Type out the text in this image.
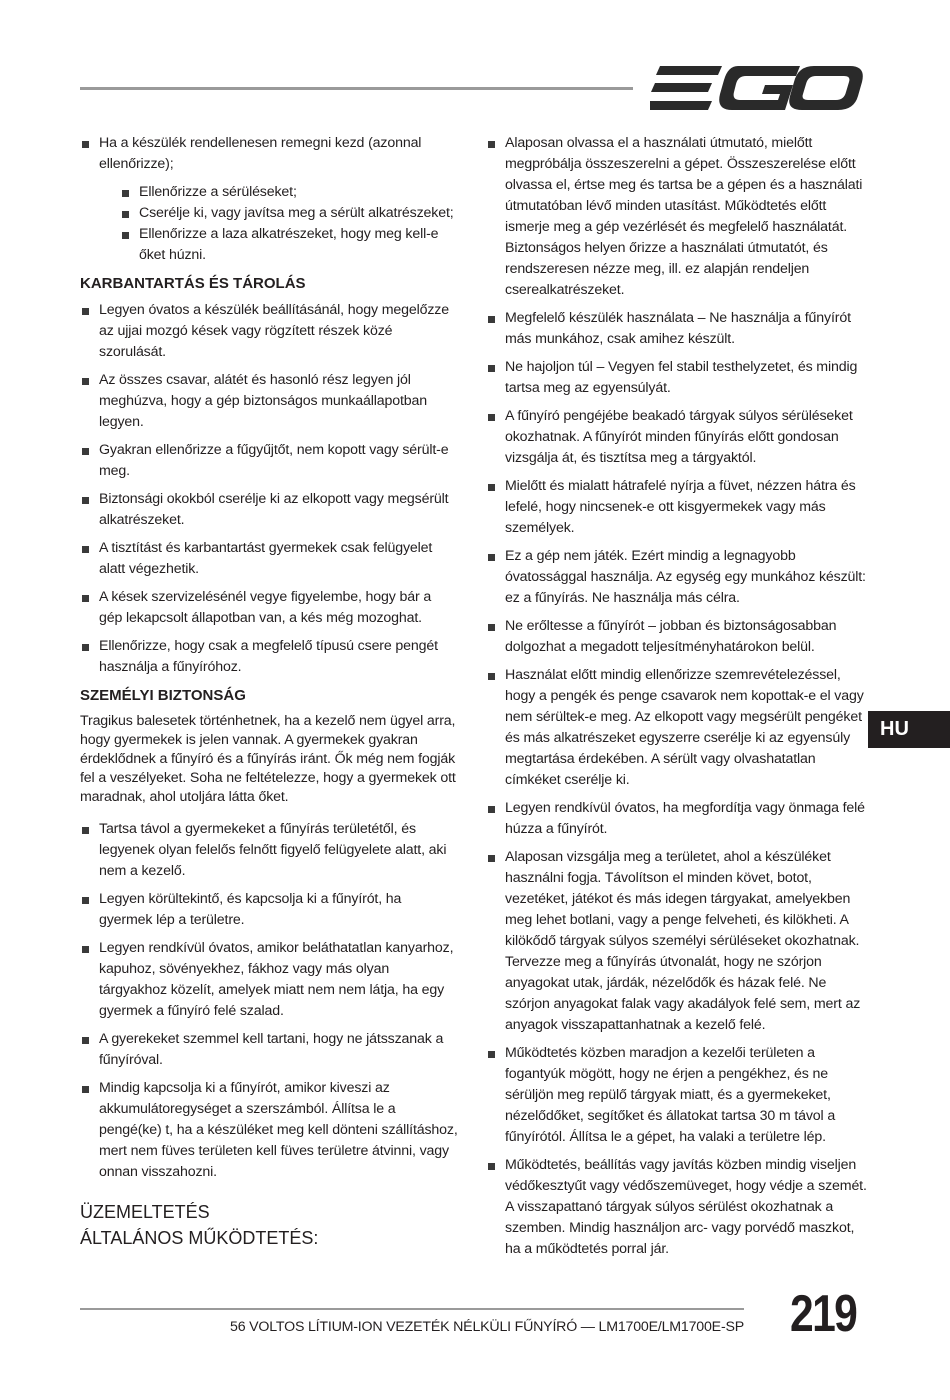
Ha a készülék rendellenesen remegni kezd (azonnal ellenőrizze);
Ellenőrizze a sérüléseket;
Cserélje ki, vagy javítsa meg a sérült alkatrészeket;
Ellenőrizze a laza alkatrészeket, hogy meg kell-e őket húzni.
KARBANTARTÁS ÉS TÁROLÁS
Legyen óvatos a készülék beállításánál, hogy megelőzze az ujjai mozgó kések vagy rögzített részek közé szorulását.
Az összes csavar, alátét és hasonló rész legyen jól meghúzva, hogy a gép biztonságos munkaállapotban legyen.
Gyakran ellenőrizze a fűgyűjtőt, nem kopott vagy sérült-e meg.
Biztonsági okokból cserélje ki az elkopott vagy megsérült alkatrészeket.
A tisztítást és karbantartást gyermekek csak felügyelet alatt végezhetik.
A kések szervizelésénél vegye figyelembe, hogy bár a gép lekapcsolt állapotban van, a kés még mozoghat.
Ellenőrizze, hogy csak a megfelelő típusú csere pengét használja a fűnyíróhoz.
SZEMÉLYI BIZTONSÁG
Tragikus balesetek történhetnek, ha a kezelő nem ügyel arra, hogy gyermekek is jelen vannak. A gyermekek gyakran érdeklődnek a fűnyíró és a fűnyírás iránt. Ők még nem fogják fel a veszélyeket. Soha ne feltételezze, hogy a gyermekek ott maradnak, ahol utoljára látta őket.
Tartsa távol a gyermekeket a fűnyírás területétől, és legyenek olyan felelős felnőtt figyelő felügyelete alatt, aki nem a kezelő.
Legyen körültekintő, és kapcsolja ki a fűnyírót, ha gyermek lép a területre.
Legyen rendkívül óvatos, amikor beláthatatlan kanyarhoz, kapuhoz, sövényekhez, fákhoz vagy más olyan tárgyakhoz közelít, amelyek miatt nem nem látja, ha egy gyermek a fűnyíró felé szalad.
A gyerekeket szemmel kell tartani, hogy ne játsszanak a fűnyíróval.
Mindig kapcsolja ki a fűnyírót, amikor kiveszi az akkumulátoregységet a szerszámból. Állítsa le a pengé(ke) t, ha a készüléket meg kell dönteni szállításhoz, mert nem füves területen kell füves területre átvinni, vagy onnan visszahozni.
ÜZEMELTETÉS
ÁLTALÁNOS MŰKÖDTETÉS:
Alaposan olvassa el a használati útmutató, mielőtt megpróbálja összeszerelni a gépet. Összeszerelése előtt olvassa el, értse meg és tartsa be a gépen és a használati útmutatóban lévő minden utasítást. Működtetés előtt ismerje meg a gép vezérlését és megfelelő használatát. Biztonságos helyen őrizze a használati útmutatót, és rendszeresen nézze meg, ill. ez alapján rendeljen cserealkatrészeket.
Megfelelő készülék használata – Ne használja a fűnyírót más munkához, csak amihez készült.
Ne hajoljon túl – Vegyen fel stabil testhelyzetet, és mindig tartsa meg az egyensúlyát.
A fűnyíró pengéjébe beakadó tárgyak súlyos sérüléseket okozhatnak. A fűnyírót minden fűnyírás előtt gondosan vizsgálja át, és tisztítsa meg a tárgyaktól.
Mielőtt és mialatt hátrafelé nyírja a füvet, nézzen hátra és lefelé, hogy nincsenek-e ott kisgyermekek vagy más személyek.
Ez a gép nem játék. Ezért mindig a legnagyobb óvatossággal használja. Az egység egy munkához készült: ez a fűnyírás. Ne használja más célra.
Ne erőltesse a fűnyírót – jobban és biztonságosabban dolgozhat a megadott teljesítményhatárokon belül.
Használat előtt mindig ellenőrizze szemrevételezéssel, hogy a pengék és penge csavarok nem kopottak-e el vagy nem sérültek-e meg. Az elkopott vagy megsérült pengéket és más alkatrészeket egyszerre cserélje ki az egyensúly megtartása érdekében. A sérült vagy olvashatatlan címkéket cserélje ki.
Legyen rendkívül óvatos, ha megfordítja vagy önmaga felé húzza a fűnyírót.
Alaposan vizsgálja meg a területet, ahol a készüléket használni fogja. Távolítson el minden követ, botot, vezetéket, játékot és más idegen tárgyakat, amelyekben meg lehet botlani, vagy a penge felveheti, és kilökheti. A kilökődő tárgyak súlyos személyi sérüléseket okozhatnak. Tervezze meg a fűnyírás útvonalát, hogy ne szórjon anyagokat utak, járdák, nézelődők és házak felé. Ne szórjon anyagokat falak vagy akadályok felé sem, mert az anyagok visszapattanhatnak a kezelő felé.
Működtetés közben maradjon a kezelői területen a fogantyúk mögött, hogy ne érjen a pengékhez, és ne sérüljön meg repülő tárgyak miatt, és a gyermekeket, nézelődőket, segítőket és állatokat tartsa 30 m távol a fűnyírótól. Állítsa le a gépet, ha valaki a területre lép.
Működtetés, beállítás vagy javítás közben mindig viseljen védőkesztyűt vagy védőszemüveget, hogy védje a szemét. A visszapattanó tárgyak súlyos sérülést okozhatnak a szemben. Mindig használjon arc- vagy porvédő maszkot, ha a működtetés porral jár.
HU
56 VOLTOS LÍTIUM-ION VEZETÉK NÉLKÜLI FŰNYÍRÓ — LM1700E/LM1700E-SP 219
